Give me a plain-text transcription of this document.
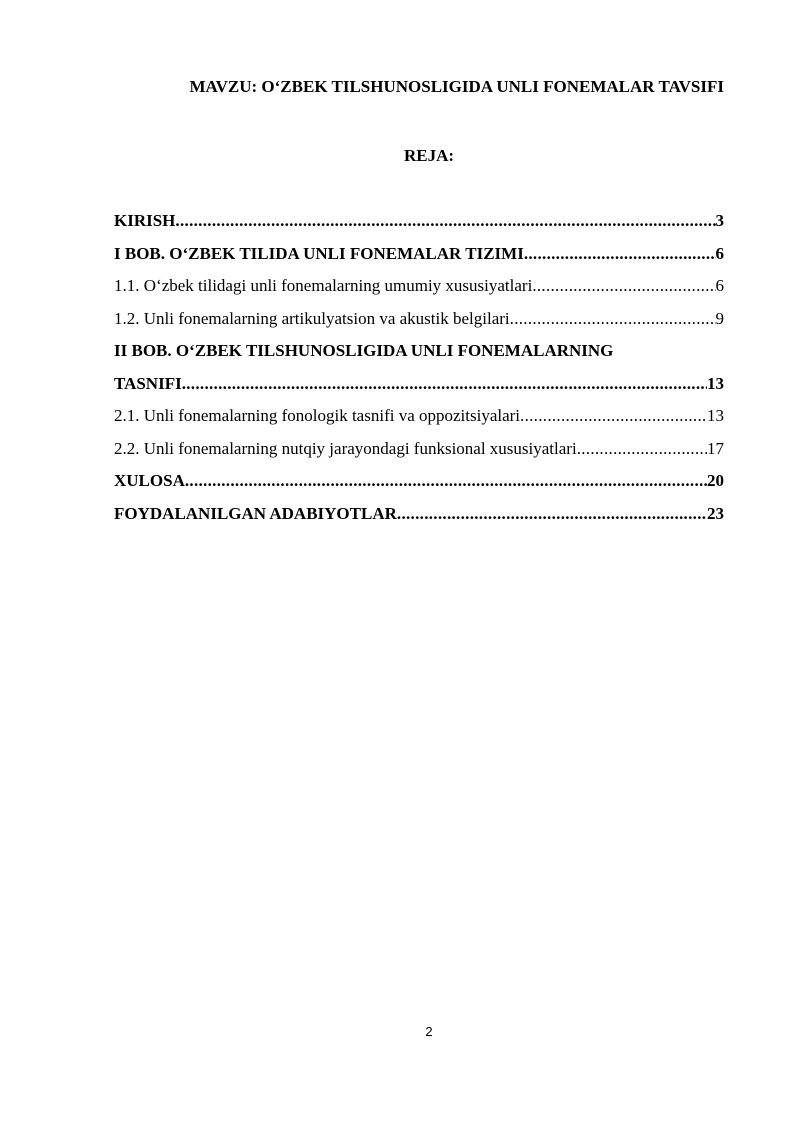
MAVZU: O‘ZBEK TILSHUNOSLIGIDA UNLI FONEMALAR TAVSIFI
REJA:
KIRISH .....	3
I BOB. O‘ZBEK TILIDA UNLI FONEMALAR TIZIMI .....	6
1.1. O‘zbek tilidagi unli fonemalarning umumiy xususiyatlari .....	6
1.2. Unli fonemalarning artikulyatsion va akustik belgilari .....	9
II BOB. O‘ZBEK TILSHUNOSLIGIDA UNLI FONEMALARNING
TASNIFI .....	13
2.1. Unli fonemalarning fonologik tasnifi va oppozitsiyalari .....	13
2.2. Unli fonemalarning nutqiy jarayondagi funksional xususiyatlari .....	17
XULOSA .....	20
FOYDALANILGAN ADABIYOTLAR .....	23
2
